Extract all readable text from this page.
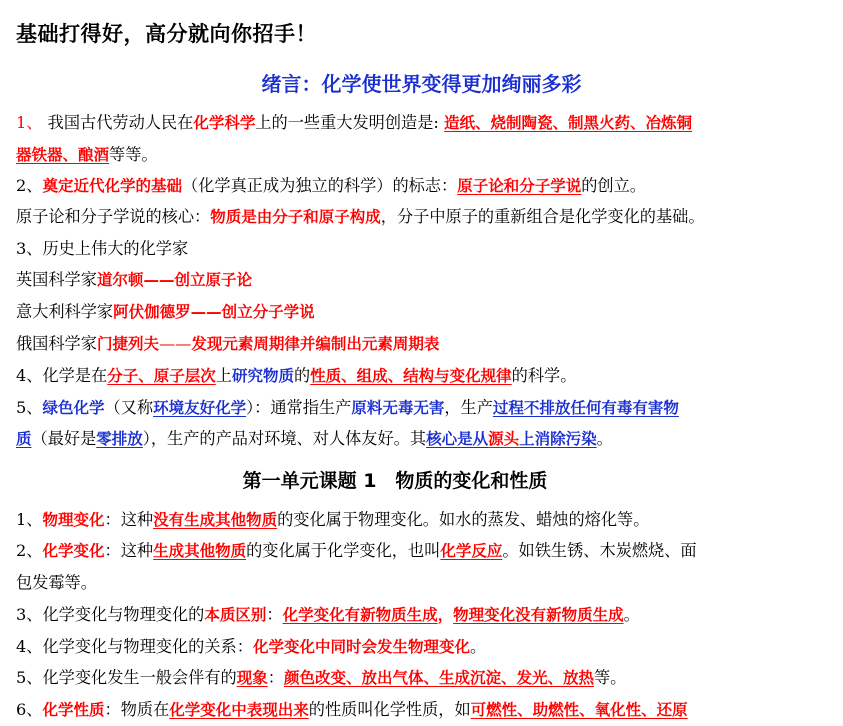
基础打得好，高分就向你招手！
绪言：化学使世界变得更加绚丽多彩
1、 我国古代劳动人民在化学科学上的一些重大发明创造是: 造纸、烧制陶瓷、制黑火药、冶炼铜
器铁器、酿酒等等。
2、奠定近代化学的基础（化学真正成为独立的科学）的标志：原子论和分子学说的创立。
原子论和分子学说的核心：物质是由分子和原子构成，分子中原子的重新组合是化学变化的基础。
3、历史上伟大的化学家
英国科学家道尔顿——创立原子论
意大利科学家阿伏伽德罗——创立分子学说
俄国科学家门捷列夫——发现元素周期律并编制出元素周期表
4、化学是在分子、原子层次上研究物质的性质、组成、结构与变化规律的科学。
5、绿色化学（又称环境友好化学）：通常指生产原料无毒无害，生产过程不排放任何有毒有害物
质（最好是零排放），生产的产品对环境、对人体友好。其核心是从源头上消除污染。
第一单元课题 1　物质的变化和性质
1、物理变化：这种没有生成其他物质的变化属于物理变化。如水的蒸发、蜡烛的熔化等。
2、化学变化：这种生成其他物质的变化属于化学变化，也叫化学反应。如铁生锈、木炭燃烧、面
包发霉等。
3、化学变化与物理变化的本质区别：化学变化有新物质生成，物理变化没有新物质生成。
4、化学变化与物理变化的关系：化学变化中同时会发生物理变化。
5、化学变化发生一般会伴有的现象：颜色改变、放出气体、生成沉淀、发光、放热等。
6、化学性质：物质在化学变化中表现出来的性质叫化学性质，如可燃性、助燃性、氧化性、还原
